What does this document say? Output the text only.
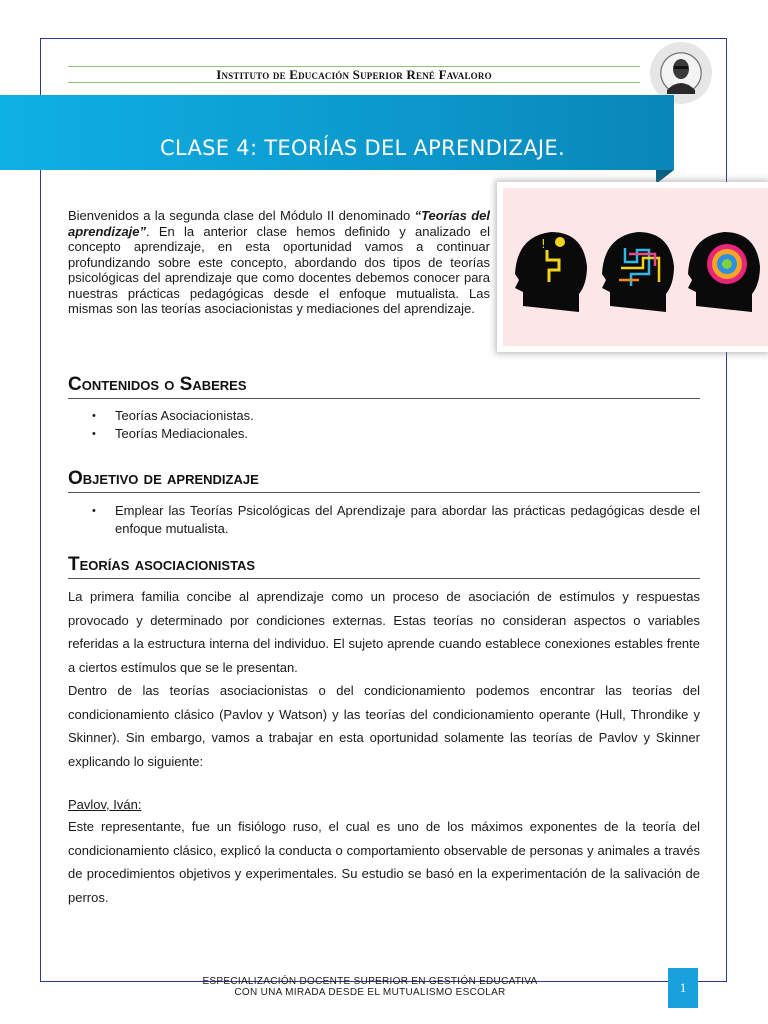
Instituto de Educación Superior René Favaloro
CLASE 4: TEORÍAS DEL APRENDIZAJE.
!
Bienvenidos a la segunda clase del Módulo II denominado “Teorías del aprendizaje”. En la anterior clase hemos definido y analizado el concepto aprendizaje, en esta oportunidad vamos a continuar profundizando sobre este concepto, abordando dos tipos de teorías psicológicas del aprendizaje que como docentes debemos conocer para nuestras prácticas pedagógicas desde el enfoque mutualista. Las mismas son las teorías asociacionistas y mediaciones del aprendizaje.
Contenidos o Saberes
• Teorías Asociacionistas.
• Teorías Mediacionales.
Objetivo de aprendizaje
• Emplear las Teorías Psicológicas del Aprendizaje para abordar las prácticas pedagógicas desde el enfoque mutualista.
Teorías asociacionistas
La primera familia concibe al aprendizaje como un proceso de asociación de estímulos y respuestas provocado y determinado por condiciones externas. Estas teorías no consideran aspectos o variables referidas a la estructura interna del individuo. El sujeto aprende cuando establece conexiones estables frente a ciertos estímulos que se le presentan.
Dentro de las teorías asociacionistas o del condicionamiento podemos encontrar las teorías del condicionamiento clásico (Pavlov y Watson) y las teorías del condicionamiento operante (Hull, Throndike y Skinner). Sin embargo, vamos a trabajar en esta oportunidad solamente las teorías de Pavlov y Skinner explicando lo siguiente:
Pavlov, Iván:
Este representante, fue un fisiólogo ruso, el cual es uno de los máximos exponentes de la teoría del condicionamiento clásico, explicó la conducta o comportamiento observable de personas y animales a través de procedimientos objetivos y experimentales. Su estudio se basó en la experimentación de la salivación de perros.
ESPECIALIZACIÓN DOCENTE SUPERIOR EN GESTIÓN EDUCATIVA
CON UNA MIRADA DESDE EL MUTUALISMO ESCOLAR	1
